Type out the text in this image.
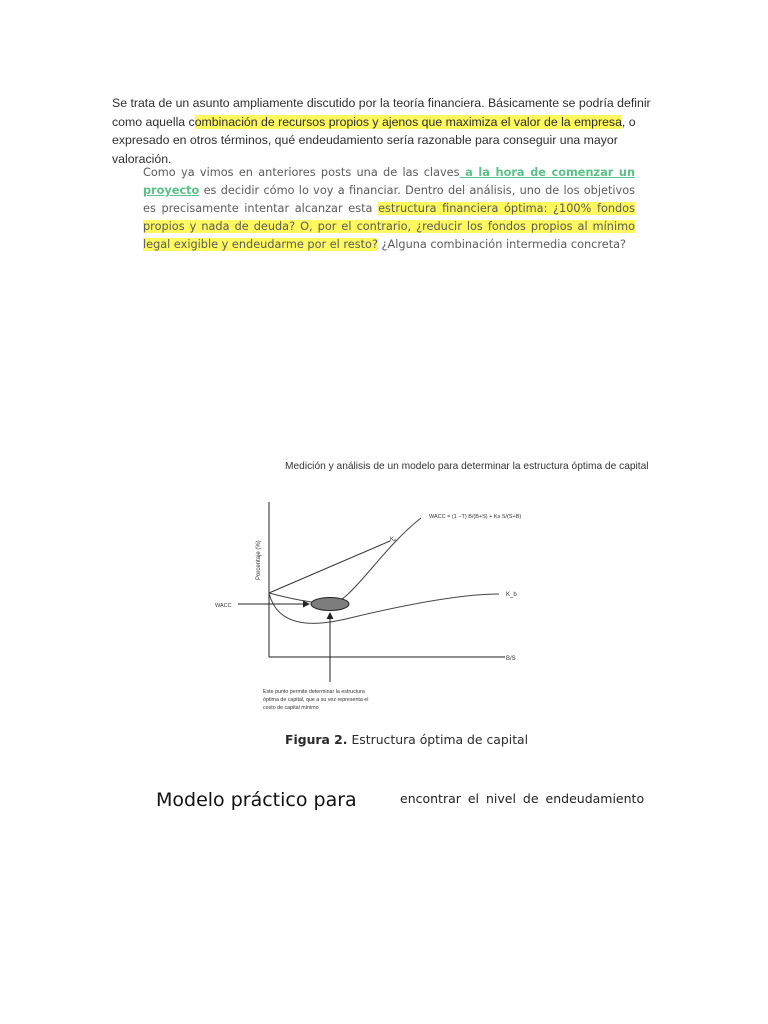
Se trata de un asunto ampliamente discutido por la teoría financiera. Básicamente se podría definir como aquella combinación de recursos propios y ajenos que maximiza el valor de la empresa, o expresado en otros términos, qué endeudamiento sería razonable para conseguir una mayor valoración.

Como ya vimos en anteriores posts una de las claves a la hora de comenzar un proyecto es decidir cómo lo voy a financiar. Dentro del análisis, uno de los objetivos es precisamente intentar alcanzar esta estructura financiera óptima: ¿100% fondos propios y nada de deuda? O, por el contrario, ¿reducir los fondos propios al mínimo legal exigible y endeudarme por el resto? ¿Alguna combinación intermedia concreta?

Medición y análisis de un modelo para determinar la estructura óptima de capital

Porcentaje (%)
B/S
Kₑ
WACC = (1 −T) B/(B+S) + Ks S/(S+B)
K_b
WACC
Este punto permite determinar la estructura
óptima de capital, que a su vez representa el
costo de capital mínimo

Figura 2. Estructura óptima de capital

Modelo práctico para	encontrar el nivel de endeudamiento
